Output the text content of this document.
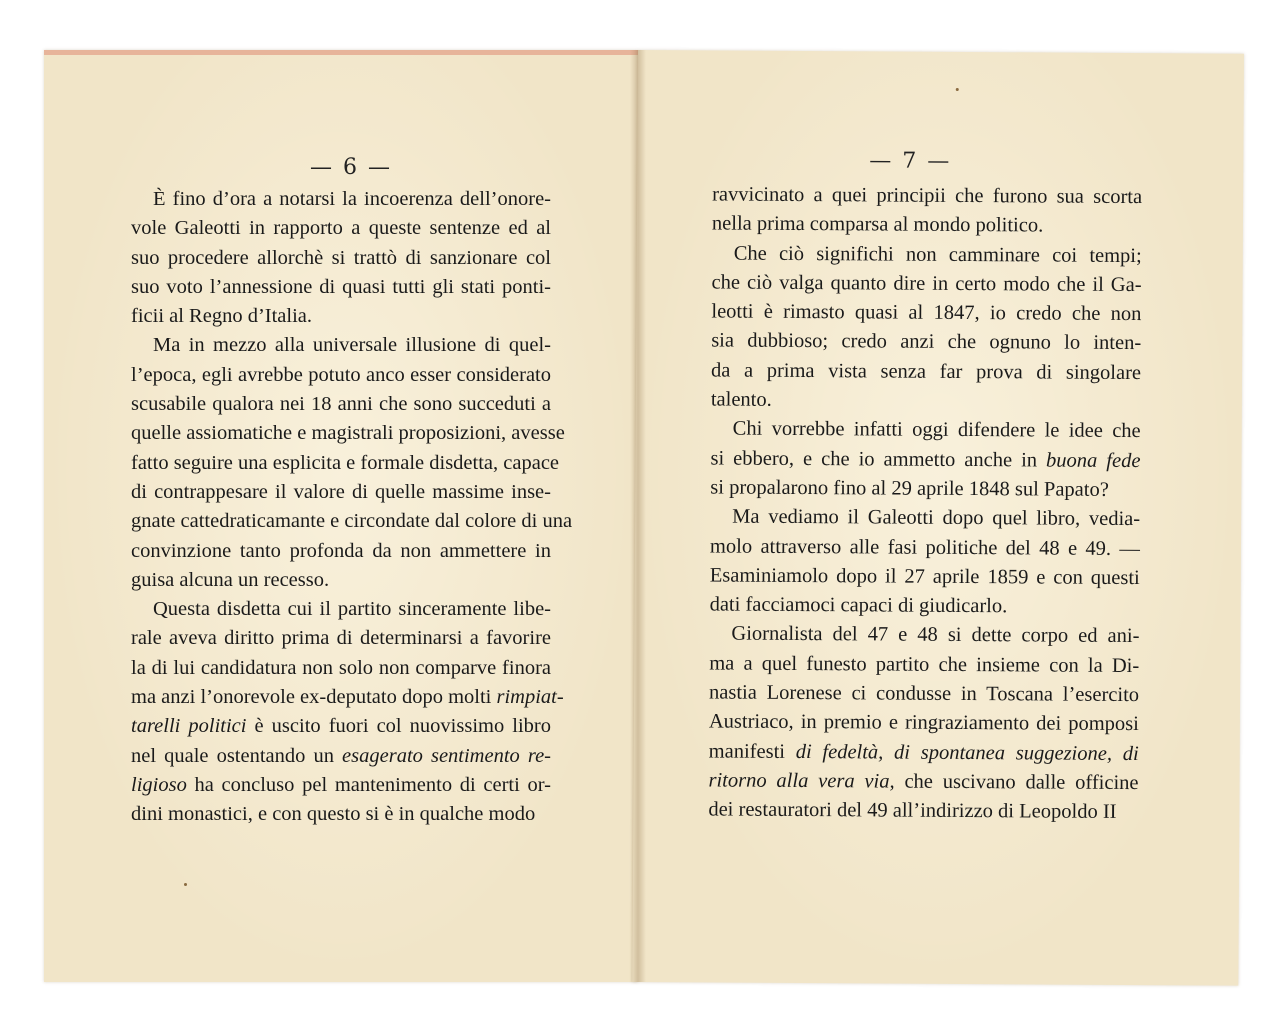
— 6 —

È fino d’ora a notarsi la incoerenza dell’onore-
vole Galeotti in rapporto a queste sentenze ed al
suo procedere allorchè si trattò di sanzionare col
suo voto l’annessione di quasi tutti gli stati ponti-
ficii al Regno d’Italia.

Ma in mezzo alla universale illusione di quel-
l’epoca, egli avrebbe potuto anco esser considerato
scusabile qualora nei 18 anni che sono succeduti a
quelle assiomatiche e magistrali proposizioni, avesse
fatto seguire una esplicita e formale disdetta, capace
di contrappesare il valore di quelle massime inse-
gnate cattedraticamante e circondate dal colore di una
convinzione tanto profonda da non ammettere in
guisa alcuna un recesso.

Questa disdetta cui il partito sinceramente libe-
rale aveva diritto prima di determinarsi a favorire
la di lui candidatura non solo non comparve finora
ma anzi l’onorevole ex-deputato dopo molti rimpiat-
tarelli politici è uscito fuori col nuovissimo libro
nel quale ostentando un esagerato sentimento re-
ligioso ha concluso pel mantenimento di certi or-
dini monastici, e con questo si è in qualche modo

— 7 —

ravvicinato a quei principii che furono sua scorta
nella prima comparsa al mondo politico.

Che ciò significhi non camminare coi tempi;
che ciò valga quanto dire in certo modo che il Ga-
leotti è rimasto quasi al 1847, io credo che non
sia dubbioso; credo anzi che ognuno lo inten-
da a prima vista senza far prova di singolare
talento.

Chi vorrebbe infatti oggi difendere le idee che
si ebbero, e che io ammetto anche in buona fede
si propalarono fino al 29 aprile 1848 sul Papato?

Ma vediamo il Galeotti dopo quel libro, vedia-
molo attraverso alle fasi politiche del 48 e 49. —
Esaminiamolo dopo il 27 aprile 1859 e con questi
dati facciamoci capaci di giudicarlo.

Giornalista del 47 e 48 si dette corpo ed ani-
ma a quel funesto partito che insieme con la Di-
nastia Lorenese ci condusse in Toscana l’esercito
Austriaco, in premio e ringraziamento dei pomposi
manifesti di fedeltà, di spontanea suggezione, di
ritorno alla vera via, che uscivano dalle officine
dei restauratori del 49 all’indirizzo di Leopoldo II
